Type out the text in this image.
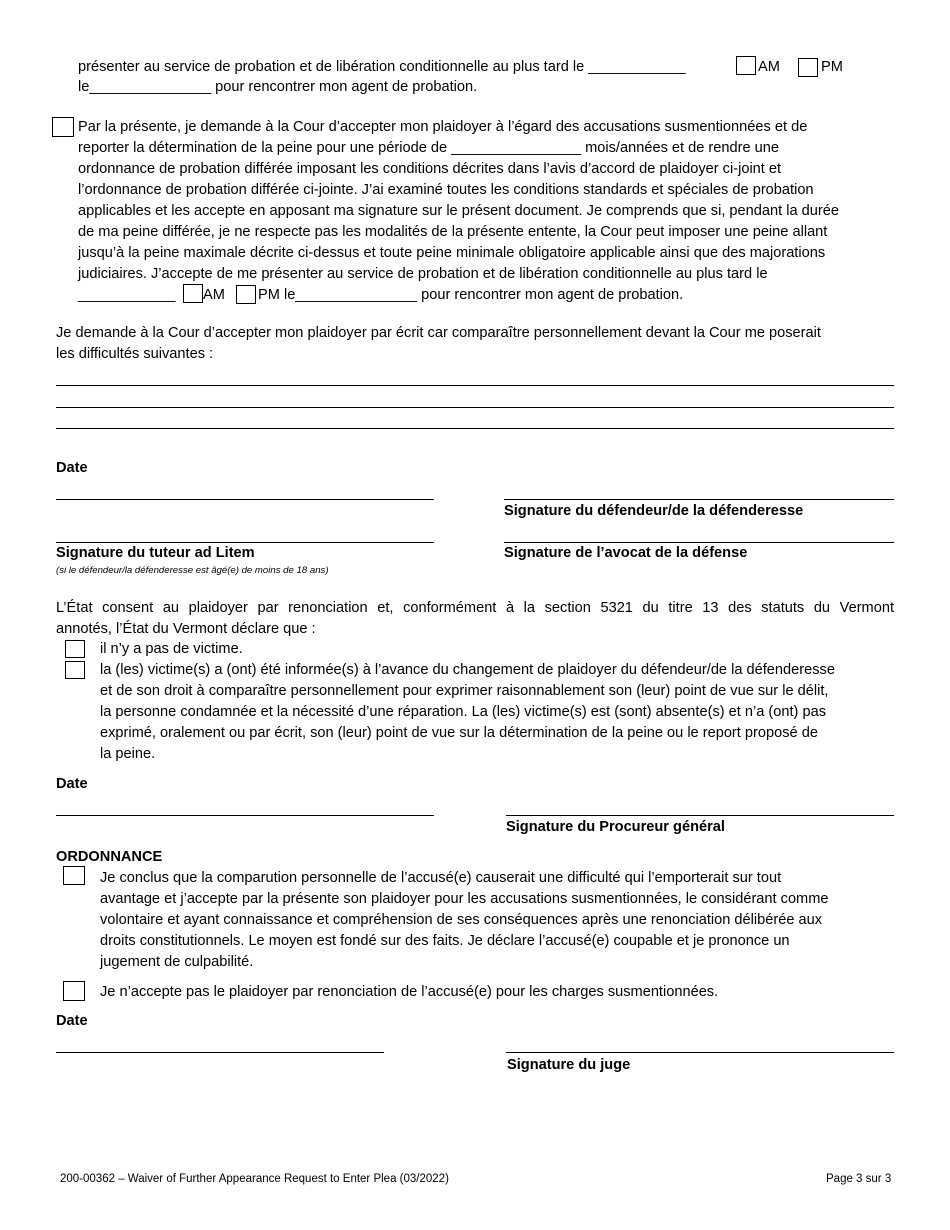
présenter au service de probation et de libération conditionnelle au plus tard le ____________	AM	PM
le_______________ pour rencontrer mon agent de probation.
Par la présente, je demande à la Cour d’accepter mon plaidoyer à l’égard des accusations susmentionnées et de
reporter la détermination de la peine pour une période de ________________ mois/années et de rendre une
ordonnance de probation différée imposant les conditions décrites dans l’avis d’accord de plaidoyer ci-joint et
l’ordonnance de probation différée ci-jointe. J’ai examiné toutes les conditions standards et spéciales de probation
applicables et les accepte en apposant ma signature sur le présent document. Je comprends que si, pendant la durée
de ma peine différée, je ne respecte pas les modalités de la présente entente, la Cour peut imposer une peine allant
jusqu’à la peine maximale décrite ci-dessus et toute peine minimale obligatoire applicable ainsi que des majorations
judiciaires. J’accepte de me présenter au service de probation et de libération conditionnelle au plus tard le
____________ AM PM le_______________ pour rencontrer mon agent de probation.
Je demande à la Cour d’accepter mon plaidoyer par écrit car comparaître personnellement devant la Cour me poserait
les difficultés suivantes :
Date
Signature du défendeur/de la défenderesse
Signature du tuteur ad Litem
(si le défendeur/la défenderesse est âgé(e) de moins de 18 ans)
Signature de l’avocat de la défense
L’État consent au plaidoyer par renonciation et, conformément à la section 5321 du titre 13 des statuts du Vermont
annotés, l’État du Vermont déclare que :
il n’y a pas de victime.
la (les) victime(s) a (ont) été informée(s) à l’avance du changement de plaidoyer du défendeur/de la défenderesse
et de son droit à comparaître personnellement pour exprimer raisonnablement son (leur) point de vue sur le délit,
la personne condamnée et la nécessité d’une réparation. La (les) victime(s) est (sont) absente(s) et n’a (ont) pas
exprimé, oralement ou par écrit, son (leur) point de vue sur la détermination de la peine ou le report proposé de
la peine.
Date
Signature du Procureur général
ORDONNANCE
Je conclus que la comparution personnelle de l’accusé(e) causerait une difficulté qui l’emporterait sur tout
avantage et j’accepte par la présente son plaidoyer pour les accusations susmentionnées, le considérant comme
volontaire et ayant connaissance et compréhension de ses conséquences après une renonciation délibérée aux
droits constitutionnels. Le moyen est fondé sur des faits. Je déclare l’accusé(e) coupable et je prononce un
jugement de culpabilité.
Je n’accepte pas le plaidoyer par renonciation de l’accusé(e) pour les charges susmentionnées.
Date
Signature du juge
200-00362 – Waiver of Further Appearance Request to Enter Plea (03/2022)	Page 3 sur 3
